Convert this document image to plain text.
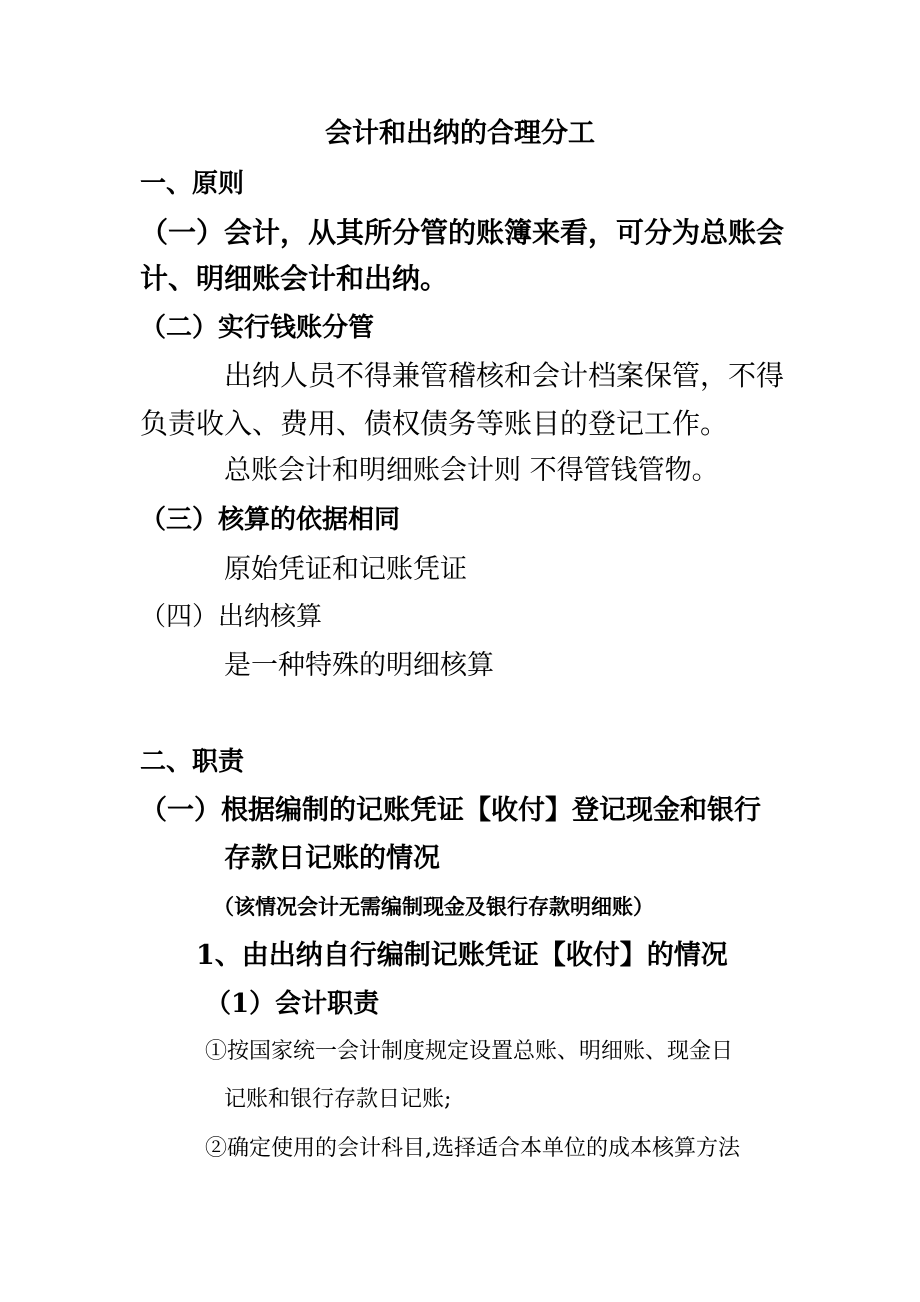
会计和出纳的合理分工
一、原则
（一）会计，从其所分管的账簿来看，可分为总账会
计、明细账会计和出纳。
（二）实行钱账分管
出纳人员不得兼管稽核和会计档案保管，不得
负责收入、费用、债权债务等账目的登记工作。
总账会计和明细账会计则 不得管钱管物。
（三）核算的依据相同
原始凭证和记账凭证
（四）出纳核算
是一种特殊的明细核算
二、职责
（一）根据编制的记账凭证【收付】登记现金和银行
存款日记账的情况
（该情况会计无需编制现金及银行存款明细账）
1、由出纳自行编制记账凭证【收付】的情况
（1）会计职责
①按国家统一会计制度规定设置总账、明细账、现金日
记账和银行存款日记账;
②确定使用的会计科目,选择适合本单位的成本核算方法
